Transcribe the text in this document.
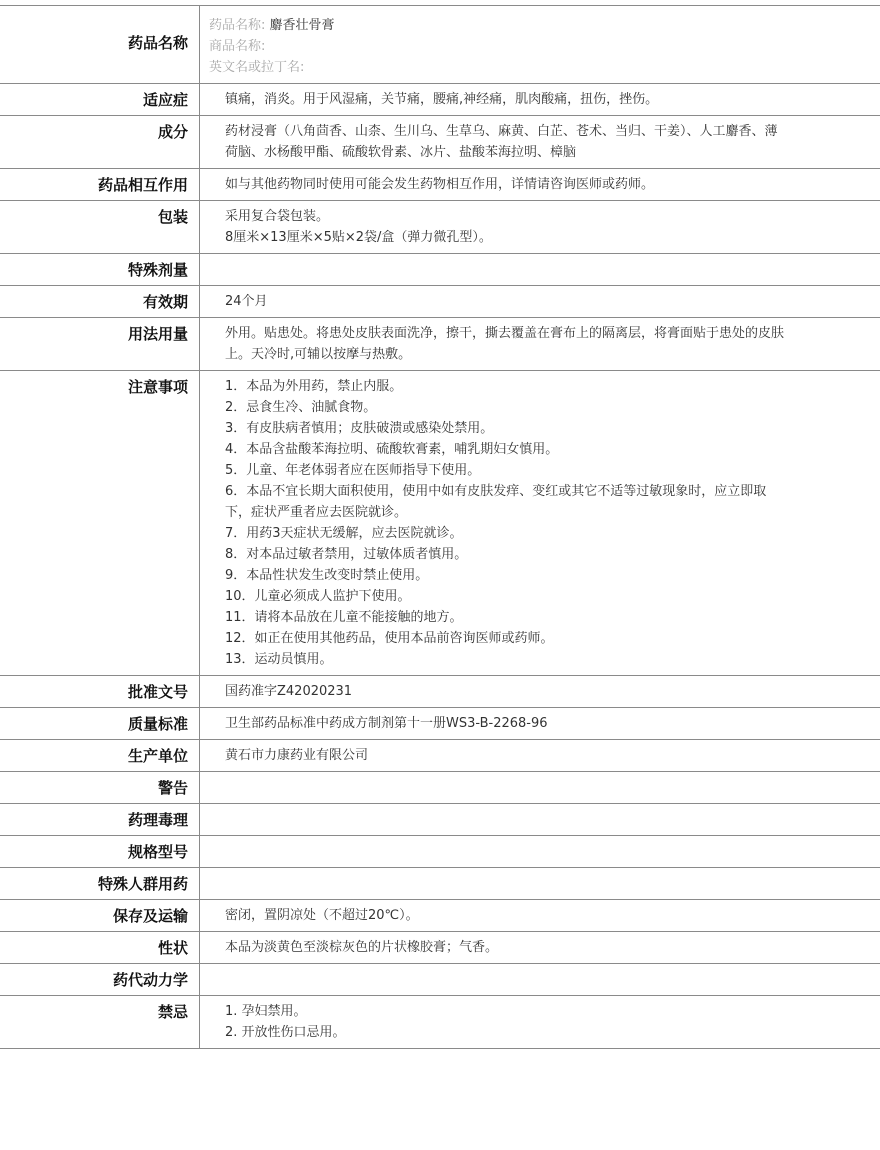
药品名称
药品名称: 麝香壮骨膏
商品名称:
英文名或拉丁名:
适应症	镇痛，消炎。用于风湿痛，关节痛，腰痛,神经痛，肌肉酸痛，扭伤，挫伤。
成分	药材浸膏（八角茴香、山柰、生川乌、生草乌、麻黄、白芷、苍术、当归、干姜）、人工麝香、薄荷脑、水杨酸甲酯、硫酸软骨素、冰片、盐酸苯海拉明、樟脑
药品相互作用	如与其他药物同时使用可能会发生药物相互作用，详情请咨询医师或药师。
包装	采用复合袋包装。
8厘米×13厘米×5贴×2袋/盒（弹力微孔型）。
特殊剂量
有效期	24个月
用法用量	外用。贴患处。将患处皮肤表面洗净，擦干，撕去覆盖在膏布上的隔离层，将膏面贴于患处的皮肤上。天冷时,可辅以按摩与热敷。
注意事项	1．本品为外用药，禁止内服。
2．忌食生冷、油腻食物。
3．有皮肤病者慎用；皮肤破溃或感染处禁用。
4．本品含盐酸苯海拉明、硫酸软膏素，哺乳期妇女慎用。
5．儿童、年老体弱者应在医师指导下使用。
6．本品不宜长期大面积使用，使用中如有皮肤发痒、变红或其它不适等过敏现象时，应立即取下，症状严重者应去医院就诊。
7．用药3天症状无缓解，应去医院就诊。
8．对本品过敏者禁用，过敏体质者慎用。
9．本品性状发生改变时禁止使用。
10．儿童必须成人监护下使用。
11．请将本品放在儿童不能接触的地方。
12．如正在使用其他药品，使用本品前咨询医师或药师。
13．运动员慎用。
批准文号	国药准字Z42020231
质量标准	卫生部药品标准中药成方制剂第十一册WS3-B-2268-96
生产单位	黄石市力康药业有限公司
警告
药理毒理
规格型号
特殊人群用药
保存及运输	密闭，置阴凉处（不超过20℃）。
性状	本品为淡黄色至淡棕灰色的片状橡胶膏；气香。
药代动力学
禁忌	1. 孕妇禁用。
2. 开放性伤口忌用。
